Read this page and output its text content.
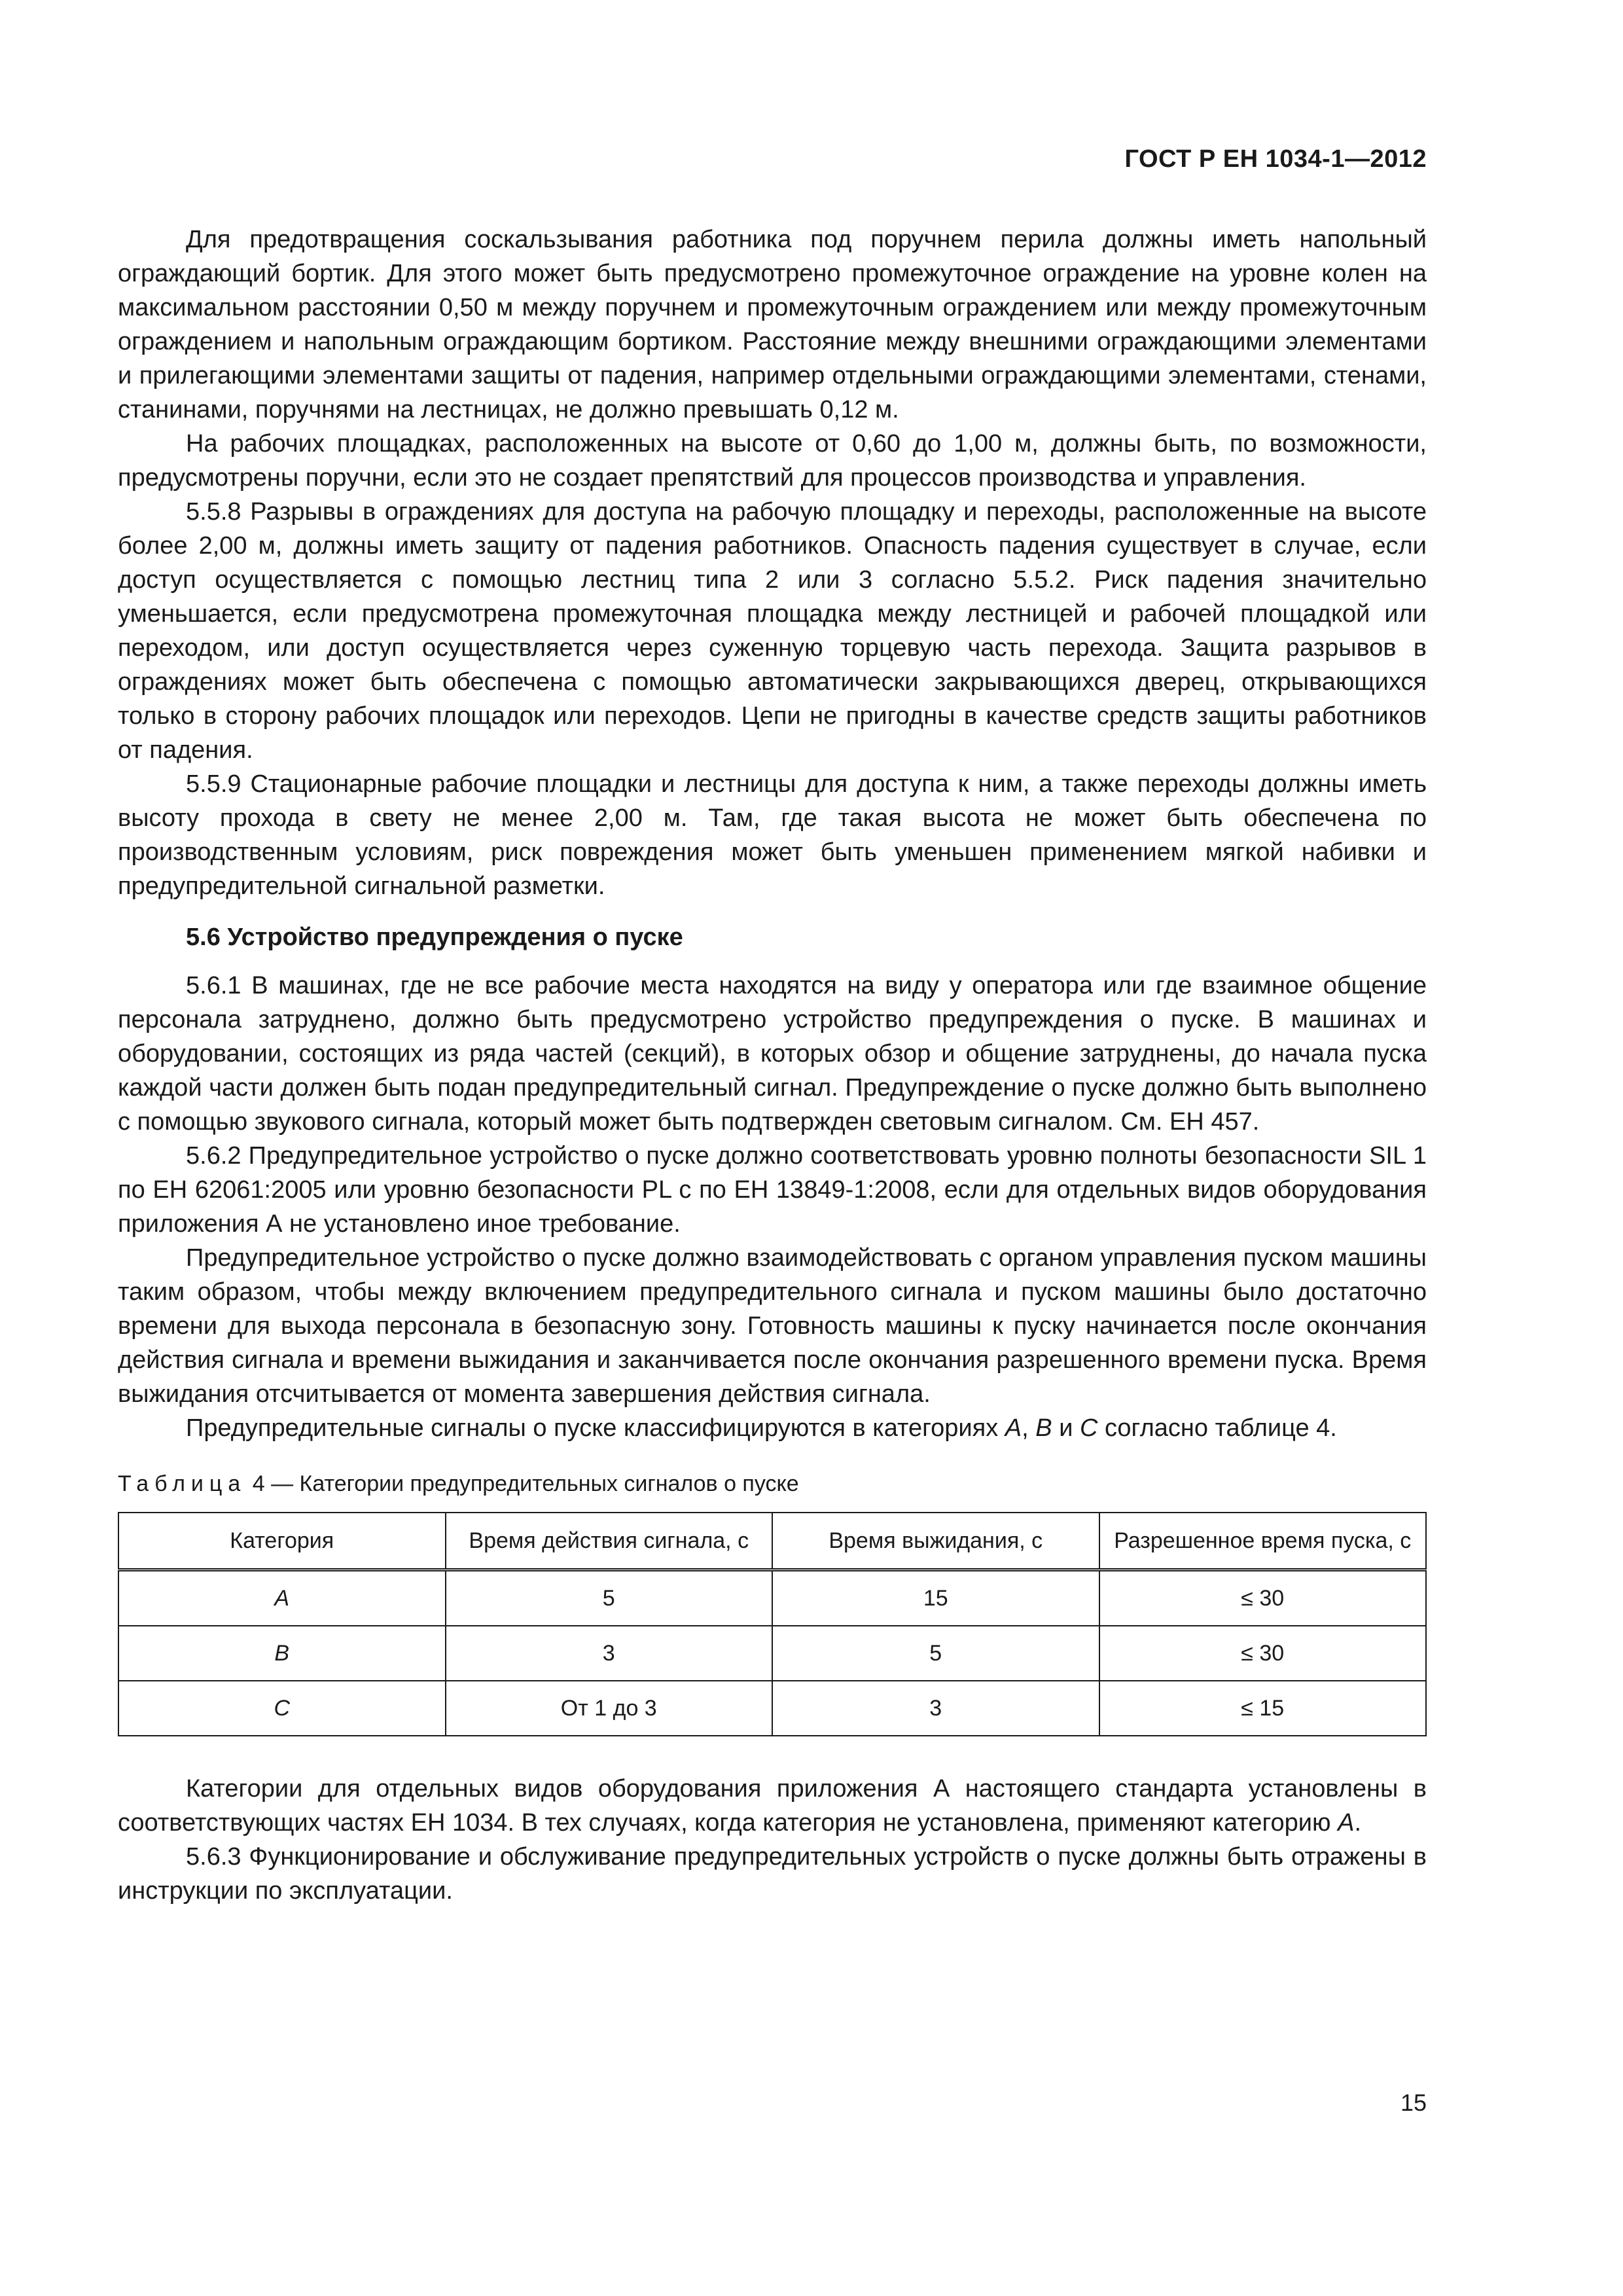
ГОСТ Р ЕН 1034-1—2012

Для предотвращения соскальзывания работника под поручнем перила должны иметь напольный ограждающий бортик. Для этого может быть предусмотрено промежуточное ограждение на уровне колен на максимальном расстоянии 0,50 м между поручнем и промежуточным ограждением или между промежуточным ограждением и напольным ограждающим бортиком. Расстояние между внешними ограждающими элементами и прилегающими элементами защиты от падения, например отдельными ограждающими элементами, стенами, станинами, поручнями на лестницах, не должно превышать 0,12 м.

На рабочих площадках, расположенных на высоте от 0,60 до 1,00 м, должны быть, по возможности, предусмотрены поручни, если это не создает препятствий для процессов производства и управления.

5.5.8 Разрывы в ограждениях для доступа на рабочую площадку и переходы, расположенные на высоте более 2,00 м, должны иметь защиту от падения работников. Опасность падения существует в случае, если доступ осуществляется с помощью лестниц типа 2 или 3 согласно 5.5.2. Риск падения значительно уменьшается, если предусмотрена промежуточная площадка между лестницей и рабочей площадкой или переходом, или доступ осуществляется через суженную торцевую часть перехода. Защита разрывов в ограждениях может быть обеспечена с помощью автоматически закрывающихся дверец, открывающихся только в сторону рабочих площадок или переходов. Цепи не пригодны в качестве средств защиты работников от падения.

5.5.9 Стационарные рабочие площадки и лестницы для доступа к ним, а также переходы должны иметь высоту прохода в свету не менее 2,00 м. Там, где такая высота не может быть обеспечена по производственным условиям, риск повреждения может быть уменьшен применением мягкой набивки и предупредительной сигнальной разметки.

5.6 Устройство предупреждения о пуске

5.6.1 В машинах, где не все рабочие места находятся на виду у оператора или где взаимное общение персонала затруднено, должно быть предусмотрено устройство предупреждения о пуске. В машинах и оборудовании, состоящих из ряда частей (секций), в которых обзор и общение затруднены, до начала пуска каждой части должен быть подан предупредительный сигнал. Предупреждение о пуске должно быть выполнено с помощью звукового сигнала, который может быть подтвержден световым сигналом. См. ЕН 457.

5.6.2 Предупредительное устройство о пуске должно соответствовать уровню полноты безопасности SIL 1 по ЕН 62061:2005 или уровню безопасности PL c по ЕН 13849-1:2008, если для отдельных видов оборудования приложения А не установлено иное требование.

Предупредительное устройство о пуске должно взаимодействовать с органом управления пуском машины таким образом, чтобы между включением предупредительного сигнала и пуском машины было достаточно времени для выхода персонала в безопасную зону. Готовность машины к пуску начинается после окончания действия сигнала и времени выжидания и заканчивается после окончания разрешенного времени пуска. Время выжидания отсчитывается от момента завершения действия сигнала.

Предупредительные сигналы о пуске классифицируются в категориях A, B и C согласно таблице 4.

Таблица 4 — Категории предупредительных сигналов о пуске
Категория	Время действия сигнала, с	Время выжидания, с	Разрешенное время пуска, с
A	5	15	≤ 30
B	3	5	≤ 30
C	От 1 до 3	3	≤ 15

Категории для отдельных видов оборудования приложения А настоящего стандарта установлены в соответствующих частях ЕН 1034. В тех случаях, когда категория не установлена, применяют категорию А.

5.6.3 Функционирование и обслуживание предупредительных устройств о пуске должны быть отражены в инструкции по эксплуатации.

15
